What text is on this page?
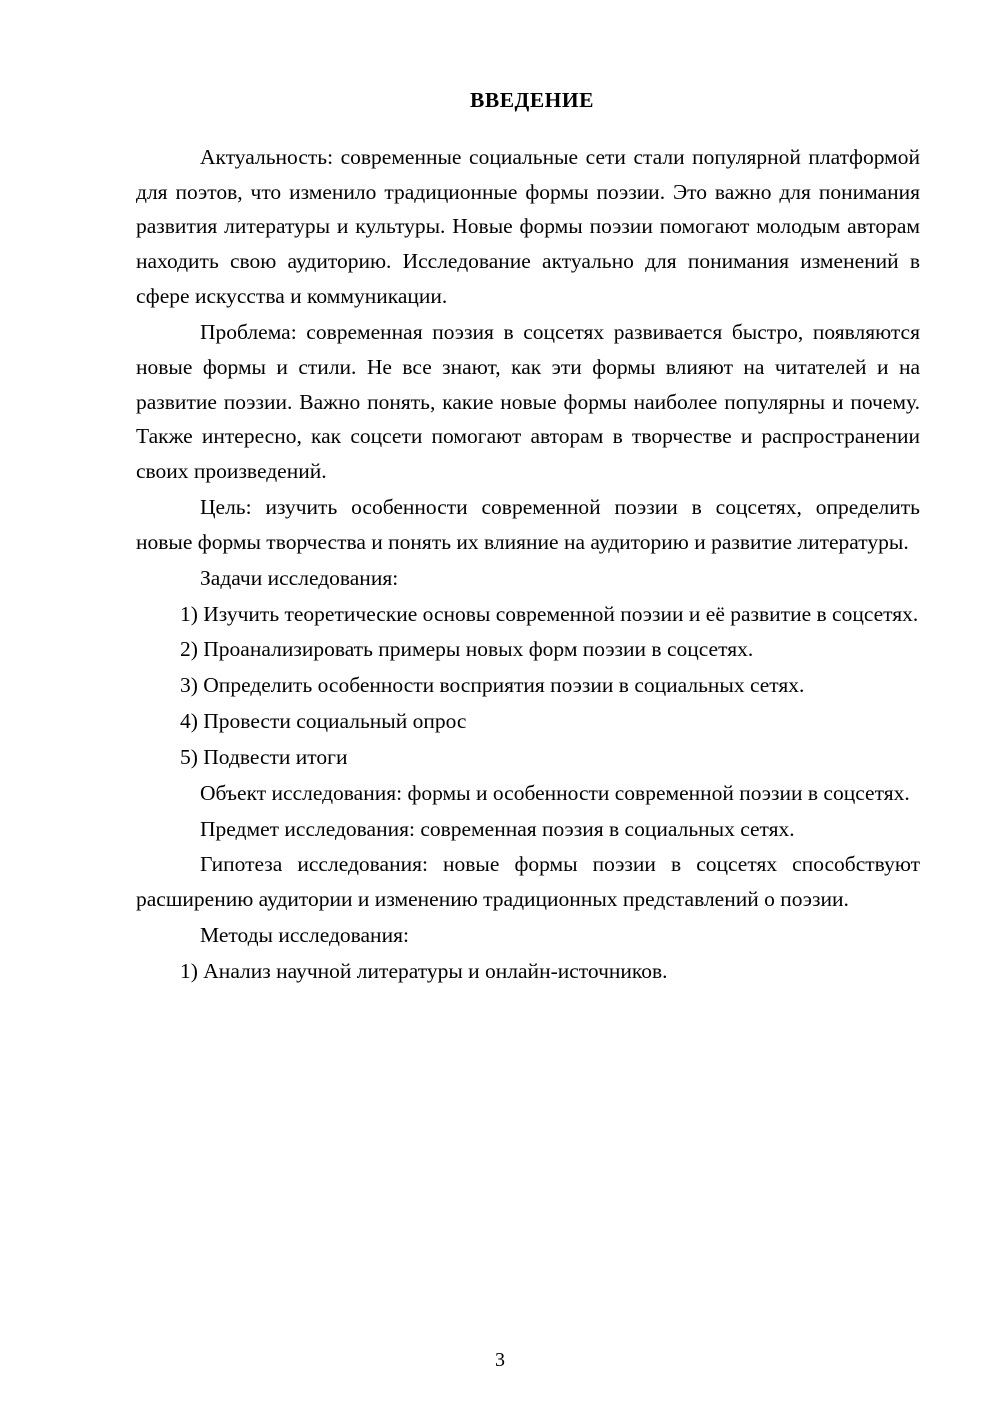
ВВЕДЕНИЕ

Актуальность: современные социальные сети стали популярной платформой для поэтов, что изменило традиционные формы поэзии. Это важно для понимания развития литературы и культуры. Новые формы поэзии помогают молодым авторам находить свою аудиторию. Исследование актуально для понимания изменений в сфере искусства и коммуникации.

Проблема: современная поэзия в соцсетях развивается быстро, появляются новые формы и стили. Не все знают, как эти формы влияют на читателей и на развитие поэзии. Важно понять, какие новые формы наиболее популярны и почему. Также интересно, как соцсети помогают авторам в творчестве и распространении своих произведений.

Цель: изучить особенности современной поэзии в соцсетях, определить новые формы творчества и понять их влияние на аудиторию и развитие литературы.

Задачи исследования:

1) Изучить теоретические основы современной поэзии и её развитие в соцсетях.

2) Проанализировать примеры новых форм поэзии в соцсетях.

3) Определить особенности восприятия поэзии в социальных сетях.

4) Провести социальный опрос

5) Подвести итоги

Объект исследования: формы и особенности современной поэзии в соцсетях.

Предмет исследования: современная поэзия в социальных сетях.

Гипотеза исследования: новые формы поэзии в соцсетях способствуют расширению аудитории и изменению традиционных представлений о поэзии.

Методы исследования:

1) Анализ научной литературы и онлайн-источников.

3
